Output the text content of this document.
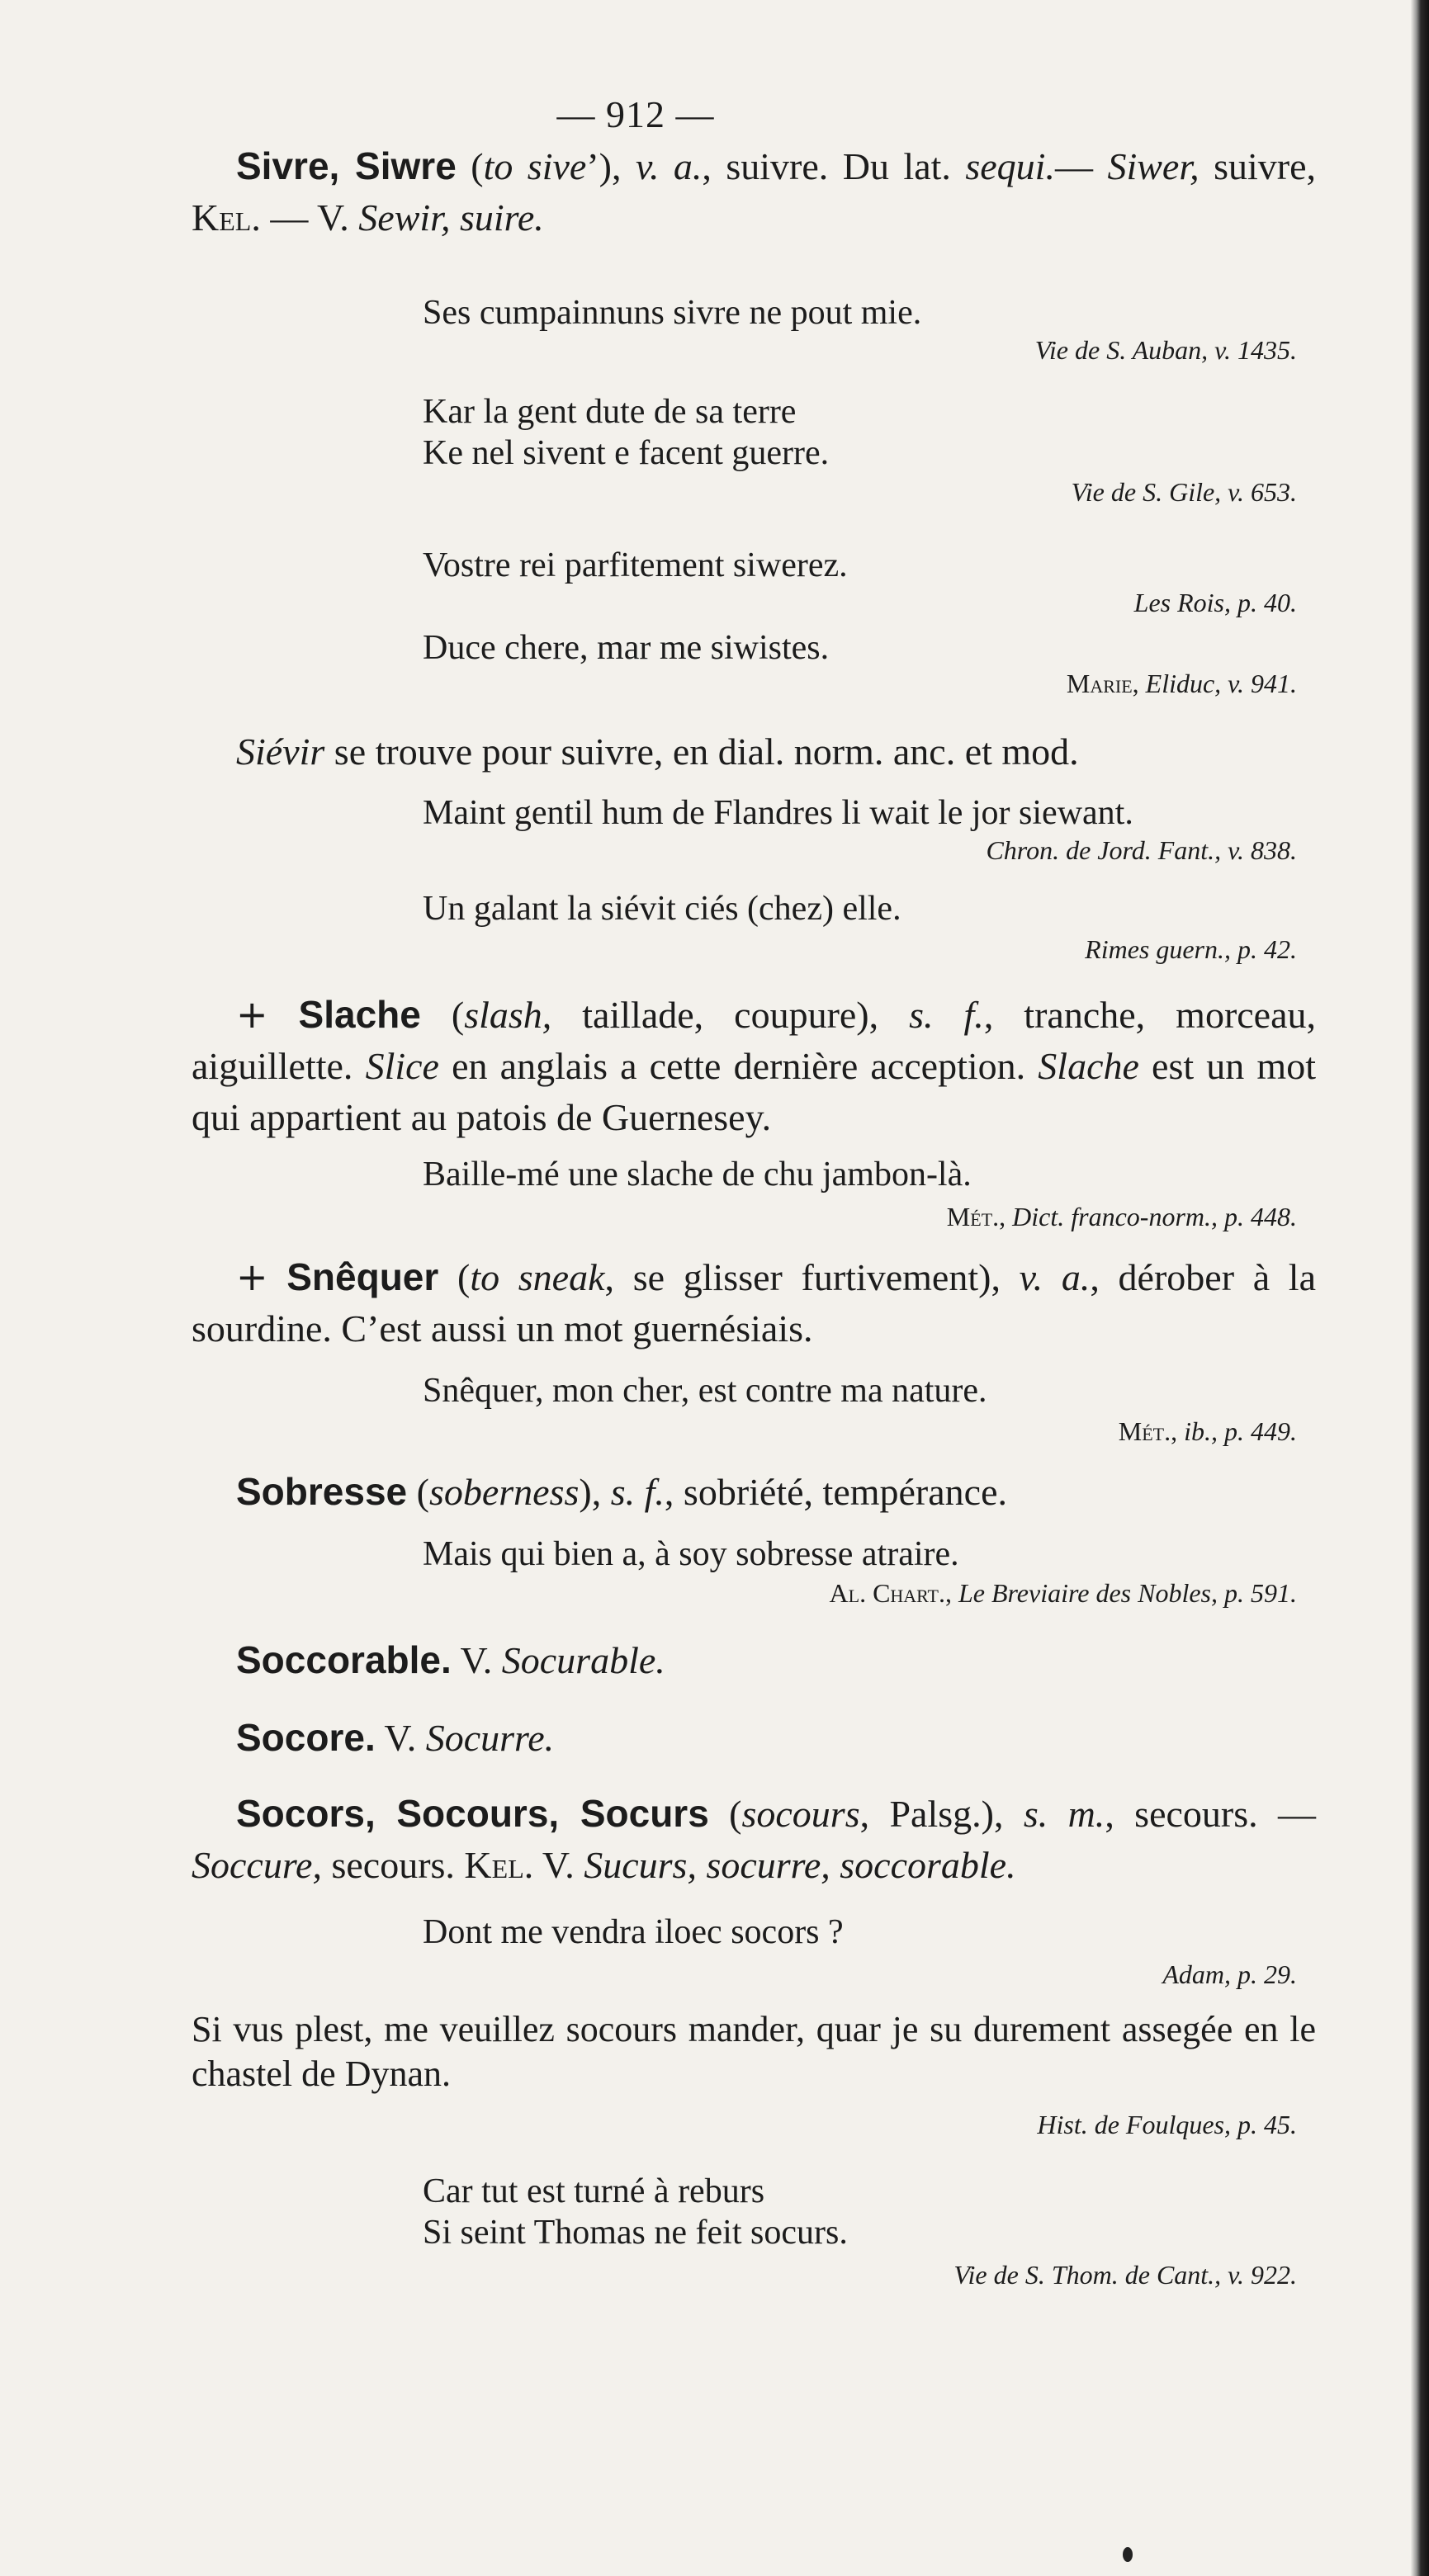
— 912 —
Sivre, Siwre (to sive’), v. a., suivre. Du lat. sequi.— Siwer, suivre, Kel. — V. Sewir, suire.
Ses cumpainnuns sivre ne pout mie.
Vie de S. Auban, v. 1435.
Kar la gent dute de sa terre
Ke nel sivent e facent guerre.
Vie de S. Gile, v. 653.
Vostre rei parfitement siwerez.
Les Rois, p. 40.
Duce chere, mar me siwistes.
Marie, Eliduc, v. 941.
Siévir se trouve pour suivre, en dial. norm. anc. et mod.
Maint gentil hum de Flandres li wait le jor siewant.
Chron. de Jord. Fant., v. 838.
Un galant la siévit ciés (chez) elle.
Rimes guern., p. 42.
+ Slache (slash, taillade, coupure), s. f., tranche, morceau, aiguillette. Slice en anglais a cette dernière acception. Slache est un mot qui appartient au patois de Guernesey.
Baille-mé une slache de chu jambon-là.
Mét., Dict. franco-norm., p. 448.
+ Snêquer (to sneak, se glisser furtivement), v. a., dérober à la sourdine. C’est aussi un mot guernésiais.
Snêquer, mon cher, est contre ma nature.
Mét., ib., p. 449.
Sobresse (soberness), s. f., sobriété, tempérance.
Mais qui bien a, à soy sobresse atraire.
Al. Chart., Le Breviaire des Nobles, p. 591.
Soccorable. V. Socurable.
Socore. V. Socurre.
Socors, Socours, Socurs (socours, Palsg.), s. m., secours. — Soccure, secours. Kel. V. Sucurs, socurre, soccorable.
Dont me vendra iloec socors ?
Adam, p. 29.
Si vus plest, me veuillez socours mander, quar je su durement assegée en le chastel de Dynan.
Hist. de Foulques, p. 45.
Car tut est turné à reburs
Si seint Thomas ne feit socurs.
Vie de S. Thom. de Cant., v. 922.
